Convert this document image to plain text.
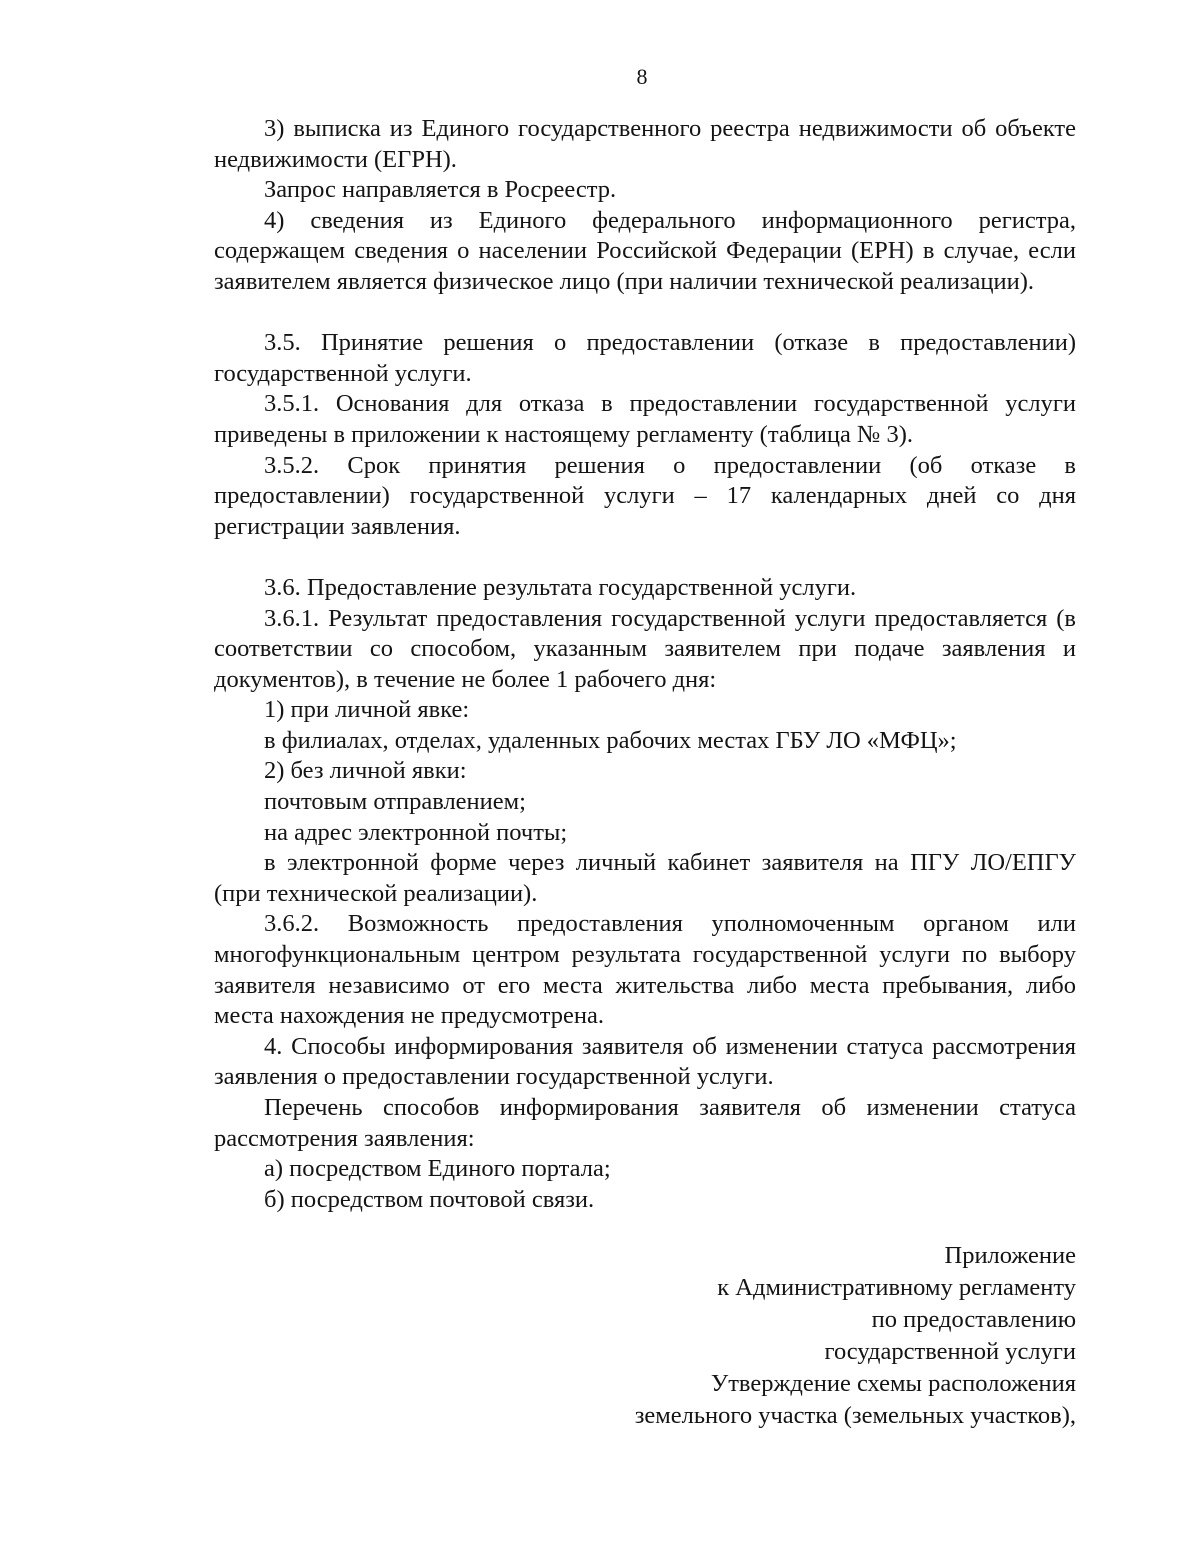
8

3) выписка из Единого государственного реестра недвижимости об объекте недвижимости (ЕГРН).

Запрос направляется в Росреестр.

4) сведения из Единого федерального информационного регистра, содержащем сведения о населении Российской Федерации (ЕРН) в случае, если заявителем является физическое лицо (при наличии технической реализации).

3.5. Принятие решения о предоставлении (отказе в предоставлении) государственной услуги.

3.5.1. Основания для отказа в предоставлении государственной услуги приведены в приложении к настоящему регламенту (таблица № 3).

3.5.2. Срок принятия решения о предоставлении (об отказе в предоставлении) государственной услуги – 17 календарных дней со дня регистрации заявления.

3.6. Предоставление результата государственной услуги.

3.6.1. Результат предоставления государственной услуги предоставляется (в соответствии со способом, указанным заявителем при подаче заявления и документов), в течение не более 1 рабочего дня:

1) при личной явке:

в филиалах, отделах, удаленных рабочих местах ГБУ ЛО «МФЦ»;

2) без личной явки:

почтовым отправлением;

на адрес электронной почты;

в электронной форме через личный кабинет заявителя на ПГУ ЛО/ЕПГУ (при технической реализации).

3.6.2. Возможность предоставления уполномоченным органом или многофункциональным центром результата государственной услуги по выбору заявителя независимо от его места жительства либо места пребывания, либо места нахождения не предусмотрена.

4. Способы информирования заявителя об изменении статуса рассмотрения заявления о предоставлении государственной услуги.

Перечень способов информирования заявителя об изменении статуса рассмотрения заявления:

а) посредством Единого портала;

б) посредством почтовой связи.

Приложение
к Административному регламенту
по предоставлению
государственной услуги
Утверждение схемы расположения
земельного участка (земельных участков),
